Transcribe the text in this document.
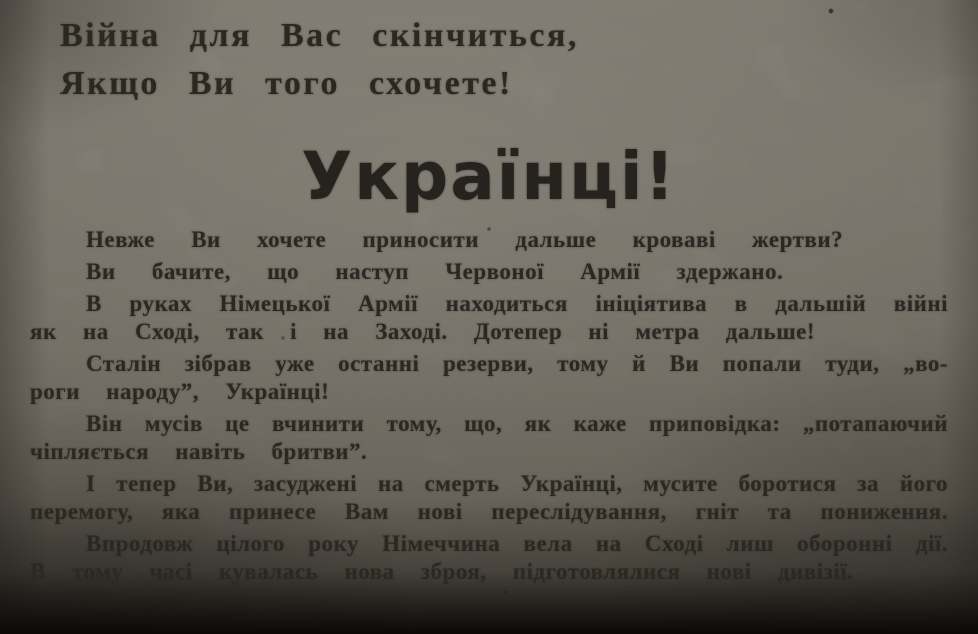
Війна для Вас скінчиться,
Якщо Ви того схочете!
Українці!

Невже Ви хочете приносити дальше кроваві жертви?

Ви бачите, що наступ Червоної Армії здержано.

В руках Німецької Армії находиться ініціятива в дальшій війні
як на Сході, так і на Заході. Дотепер ні метра дальше!

Сталін зібрав уже останні резерви, тому й Ви попали туди, „во-
роги народу”, Українці!

Він мусів це вчинити тому, що, як каже приповідка: „потапаючий
чіпляється навіть бритви”.

І тепер Ви, засуджені на смерть Українці, мусите боротися за його
перемогу, яка принесе Вам нові переслідування, гніт та пониження.

Впродовж цілого року Німеччина вела на Сході лиш оборонні дії.
В тому часі кувалась нова зброя, підготовлялися нові дивізії.
